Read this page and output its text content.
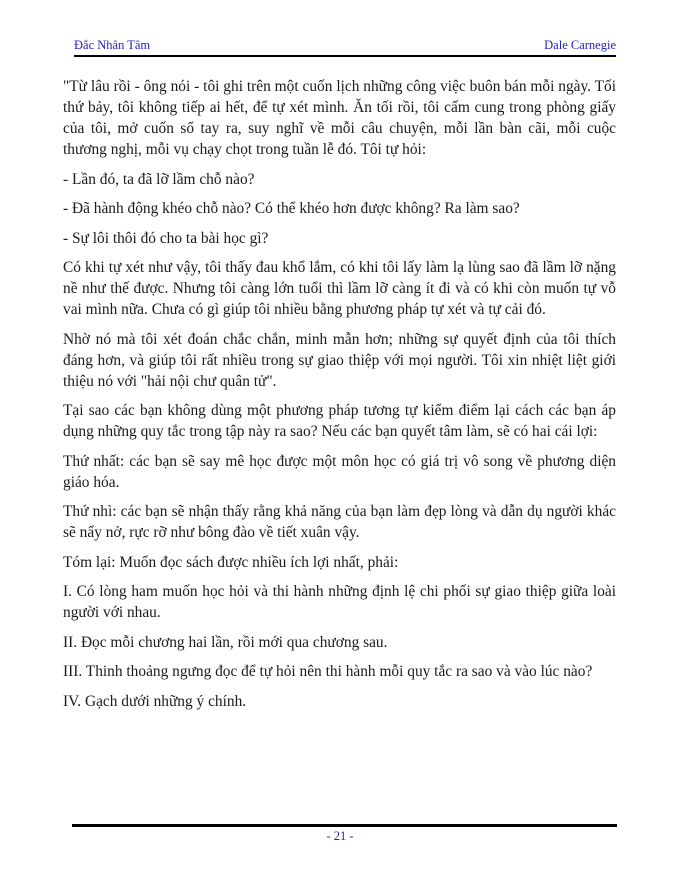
Đắc Nhân Tâm	Dale Carnegie

"Từ lâu rồi - ông nói - tôi ghi trên một cuốn lịch những công việc buôn bán mỗi ngày. Tối thứ bảy, tôi không tiếp ai hết, để tự xét mình. Ăn tối rồi, tôi cấm cung trong phòng giấy của tôi, mở cuốn sổ tay ra, suy nghĩ về mỗi câu chuyện, mỗi lần bàn cãi, mỗi cuộc thương nghị, mỗi vụ chạy chọt trong tuần lễ đó. Tôi tự hỏi:

- Lần đó, ta đã lỡ lầm chỗ nào?

- Đã hành động khéo chỗ nào? Có thể khéo hơn được không? Ra làm sao?

- Sự lôi thôi đó cho ta bài học gì?

Có khi tự xét như vậy, tôi thấy đau khổ lắm, có khi tôi lấy làm lạ lùng sao đã lầm lỡ nặng nề như thế được. Nhưng tôi càng lớn tuổi thì lầm lỡ càng ít đi và có khi còn muốn tự vỗ vai mình nữa. Chưa có gì giúp tôi nhiều bằng phương pháp tự xét và tự cải đó.

Nhờ nó mà tôi xét đoán chắc chắn, minh mẫn hơn; những sự quyết định của tôi thích đáng hơn, và giúp tôi rất nhiều trong sự giao thiệp với mọi người. Tôi xin nhiệt liệt giới thiệu nó với "hải nội chư quân tử".

Tại sao các bạn không dùng một phương pháp tương tự kiểm điểm lại cách các bạn áp dụng những quy tắc trong tập này ra sao? Nếu các bạn quyết tâm làm, sẽ có hai cái lợi:

Thứ nhất: các bạn sẽ say mê học được một môn học có giá trị vô song về phương diện giáo hóa.

Thứ nhì: các bạn sẽ nhận thấy rằng khả năng của bạn làm đẹp lòng và dẫn dụ người khác sẽ nẩy nở, rực rỡ như bông đào về tiết xuân vậy.

Tóm lại: Muốn đọc sách được nhiều ích lợi nhất, phải:

I. Có lòng ham muốn học hỏi và thi hành những định lệ chi phối sự giao thiệp giữa loài người với nhau.

II. Đọc mỗi chương hai lần, rồi mới qua chương sau.

III. Thinh thoảng ngưng đọc để tự hỏi nên thi hành mỗi quy tắc ra sao và vào lúc nào?

IV. Gạch dưới những ý chính.

- 21 -
